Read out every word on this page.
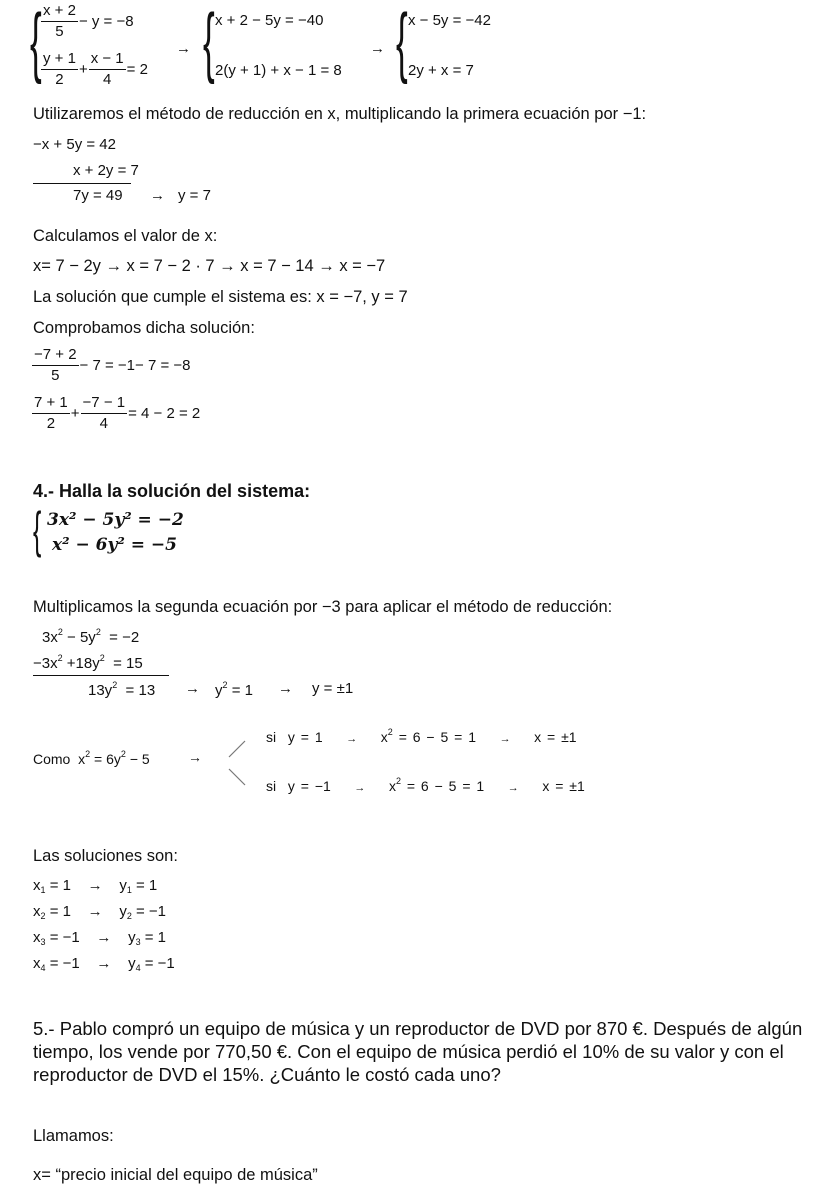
{ $\frac{x + 2}{5} - y = -8$
$\frac{y + 1}{2} + \frac{x - 1}{4} = 2$
→ { x + 2 − 5y = −40
2(y + 1) + x − 1 = 8
→ { x − 5y = −42
2y + x = 7
Utilizaremos el método de reducción en x, multiplicando la primera ecuación por −1:
−x + 5y = 42
x + 2y = 7
7y = 49 → y = 7
Calculamos el valor de x:
x= 7 − 2y → x = 7 − 2 · 7 → x = 7 − 14 → x = −7
La solución que cumple el sistema es: x = −7, y = 7
Comprobamos dicha solución:
$\frac{-7 + 2}{5} - 7 = -1- 7 = -8$
$\frac{7 + 1}{2} + \frac{-7 - 1}{4} = 4 - 2 = 2$
4.- Halla la solución del sistema:
{ 3x² − 5y² = −2
x² − 6y² = −5
Multiplicamos la segunda ecuación por −3 para aplicar el método de reducción:
$3x^2 - 5y^2 = -2$
$-3x^2 +18y^2 = 15$
$13y^2 = 13 \to y^2 = 1 \to y = \pm 1$
Como $x^2 = 6y^2 - 5$	→
si $y = 1 \to x^2 = 6 - 5 = 1 \to x = \pm 1$
si $y = -1 \to x^2 = 6 - 5 = 1 \to x = \pm 1$
Las soluciones son:
$x_1 = 1 \to y_1 = 1$
$x_2 = 1 \to y_2 = -1$
$x_3 = -1 \to y_3 = 1$
$x_4 = -1 \to y_4 = -1$
5.- Pablo compró un equipo de música y un reproductor de DVD por 870 €. Después de algún
tiempo, los vende por 770,50 €. Con el equipo de música perdió el 10% de su valor y con el
reproductor de DVD el 15%. ¿Cuánto le costó cada uno?
Llamamos:
x= “precio inicial del equipo de música”
